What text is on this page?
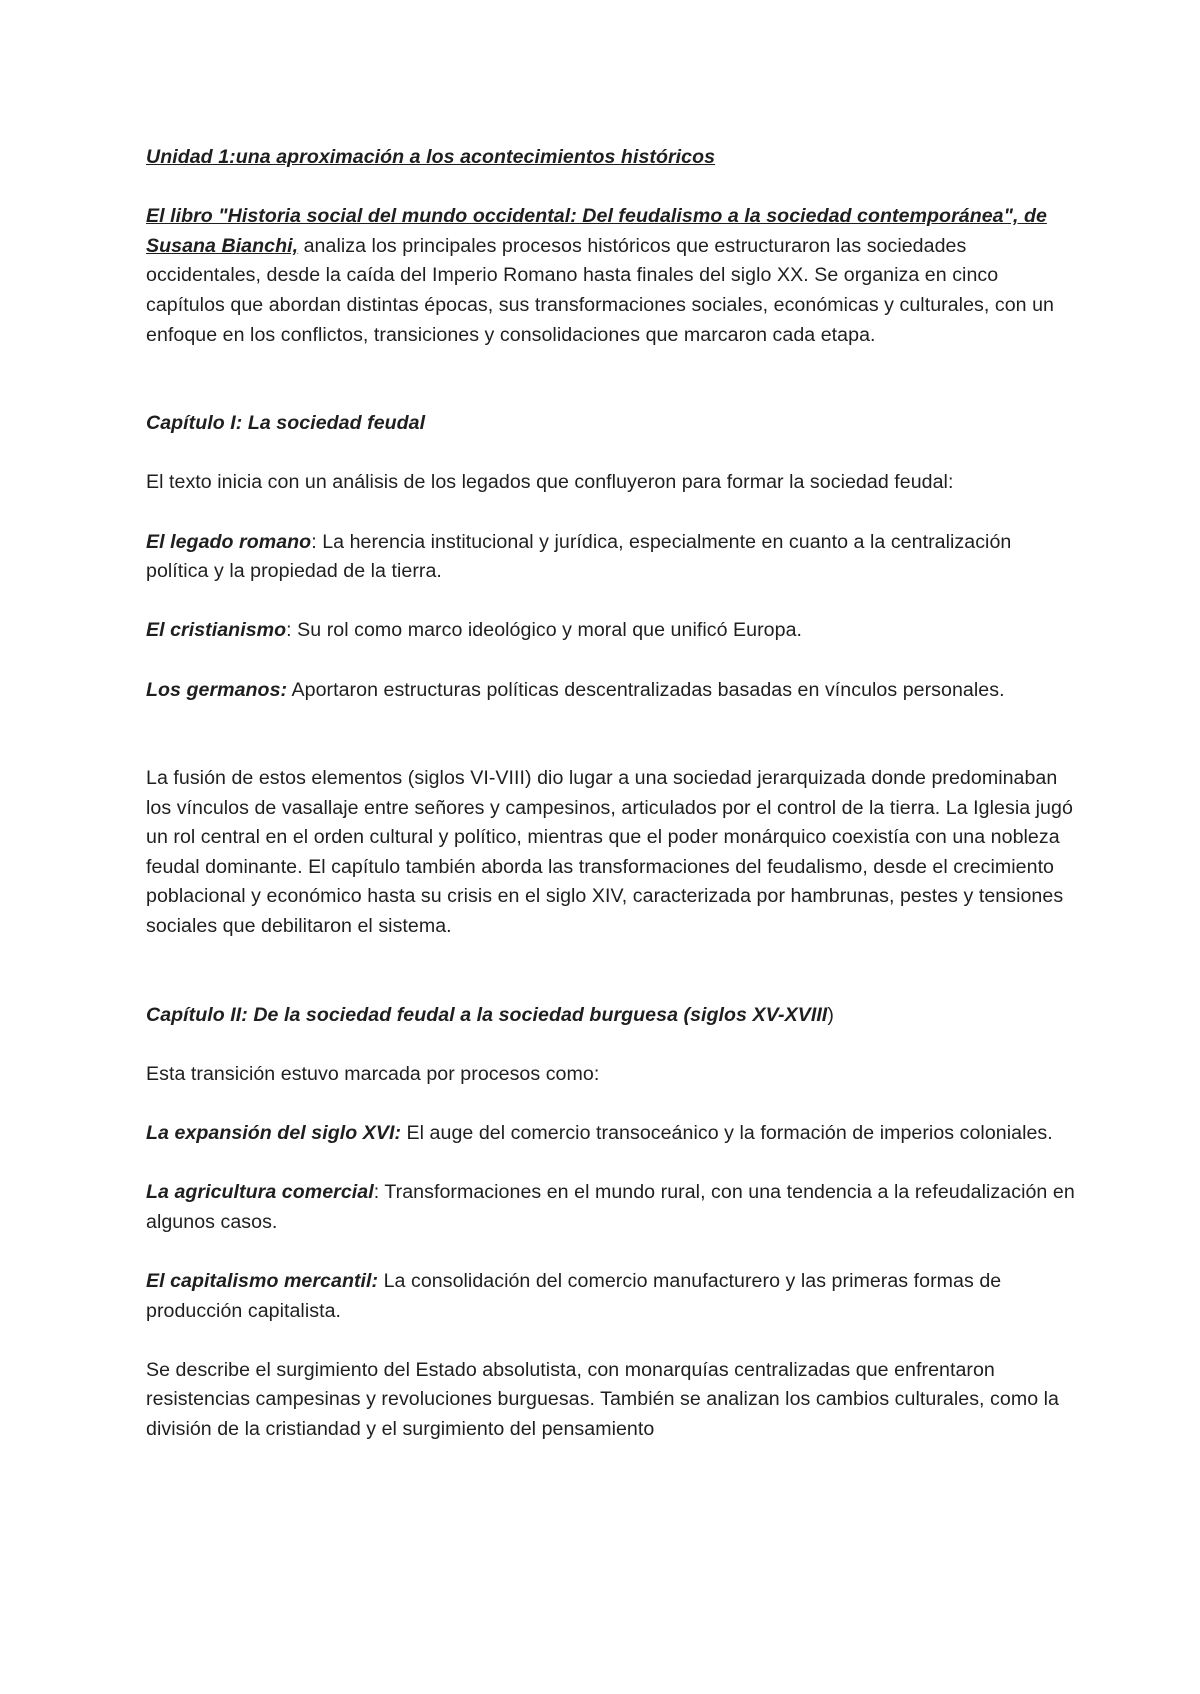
Unidad 1:una aproximación a los acontecimientos históricos

El libro "Historia social del mundo occidental: Del feudalismo a la sociedad contemporánea", de Susana Bianchi, analiza los principales procesos históricos que estructuraron las sociedades occidentales, desde la caída del Imperio Romano hasta finales del siglo XX. Se organiza en cinco capítulos que abordan distintas épocas, sus transformaciones sociales, económicas y culturales, con un enfoque en los conflictos, transiciones y consolidaciones que marcaron cada etapa.

Capítulo I: La sociedad feudal

El texto inicia con un análisis de los legados que confluyeron para formar la sociedad feudal:

El legado romano: La herencia institucional y jurídica, especialmente en cuanto a la centralización política y la propiedad de la tierra.

El cristianismo: Su rol como marco ideológico y moral que unificó Europa.

Los germanos: Aportaron estructuras políticas descentralizadas basadas en vínculos personales.

La fusión de estos elementos (siglos VI-VIII) dio lugar a una sociedad jerarquizada donde predominaban los vínculos de vasallaje entre señores y campesinos, articulados por el control de la tierra. La Iglesia jugó un rol central en el orden cultural y político, mientras que el poder monárquico coexistía con una nobleza feudal dominante. El capítulo también aborda las transformaciones del feudalismo, desde el crecimiento poblacional y económico hasta su crisis en el siglo XIV, caracterizada por hambrunas, pestes y tensiones sociales que debilitaron el sistema.

Capítulo II: De la sociedad feudal a la sociedad burguesa (siglos XV-XVIII)

Esta transición estuvo marcada por procesos como:

La expansión del siglo XVI: El auge del comercio transoceánico y la formación de imperios coloniales.

La agricultura comercial: Transformaciones en el mundo rural, con una tendencia a la refeudalización en algunos casos.

El capitalismo mercantil: La consolidación del comercio manufacturero y las primeras formas de producción capitalista.

Se describe el surgimiento del Estado absolutista, con monarquías centralizadas que enfrentaron resistencias campesinas y revoluciones burguesas. También se analizan los cambios culturales, como la división de la cristiandad y el surgimiento del pensamiento
